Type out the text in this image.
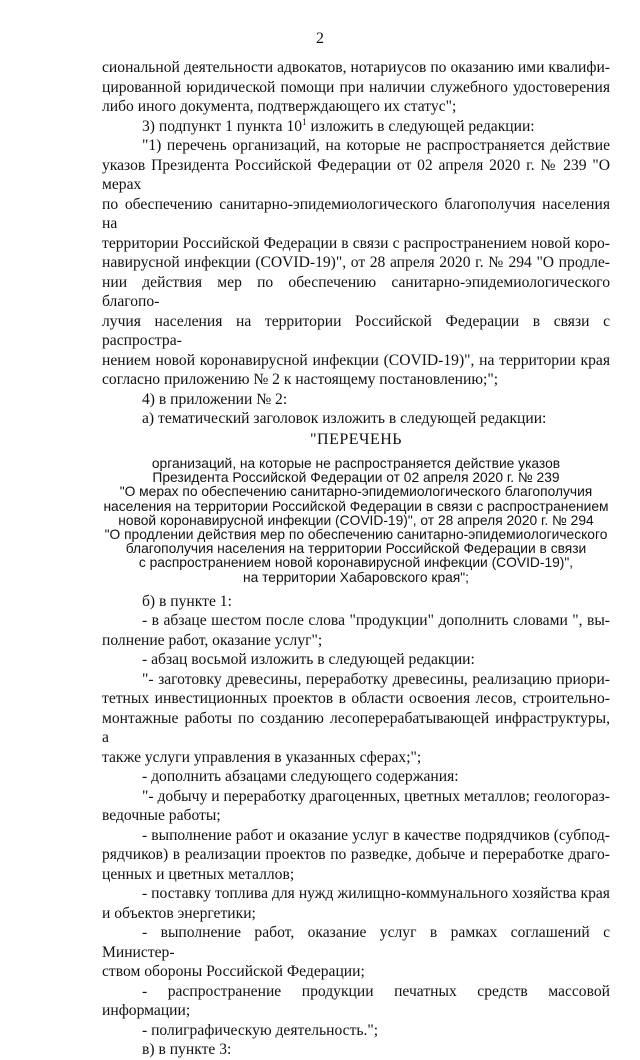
2

сиональной деятельности адвокатов, нотариусов по оказанию ими квалифи-

цированной юридической помощи при наличии служебного удостоверения

либо иного документа, подтверждающего их статус";

3) подпункт 1 пункта $10^1$ изложить в следующей редакции:

"1) перечень организаций, на которые не распространяется действие

указов Президента Российской Федерации от 02 апреля 2020 г. № 239 "О мерах

по обеспечению санитарно-эпидемиологического благополучия населения на

территории Российской Федерации в связи с распространением новой коро-

навирусной инфекции (COVID-19)", от 28 апреля 2020 г. № 294 "О продле-

нии действия мер по обеспечению санитарно-эпидемиологического благопо-

лучия населения на территории Российской Федерации в связи с распростра-

нением новой коронавирусной инфекции (COVID-19)", на территории края

согласно приложению № 2 к настоящему постановлению;";

4) в приложении № 2:

а) тематический заголовок изложить в следующей редакции:

"ПЕРЕЧЕНЬ
организаций, на которые не распространяется действие указов
Президента Российской Федерации от 02 апреля 2020 г. № 239
"О мерах по обеспечению санитарно-эпидемиологического благополучия
населения на территории Российской Федерации в связи с распространением
новой коронавирусной инфекции (COVID-19)", от 28 апреля 2020 г. № 294
"О продлении действия мер по обеспечению санитарно-эпидемиологического
благополучия населения на территории Российской Федерации в связи
с распространением новой коронавирусной инфекции (COVID-19)",
на территории Хабаровского края";

б) в пункте 1:

- в абзаце шестом после слова "продукции" дополнить словами ", вы-

полнение работ, оказание услуг";

- абзац восьмой изложить в следующей редакции:

"- заготовку древесины, переработку древесины, реализацию приори-

тетных инвестиционных проектов в области освоения лесов, строительно-

монтажные работы по созданию лесоперерабатывающей инфраструктуры, а

также услуги управления в указанных сферах;";

- дополнить абзацами следующего содержания:

"- добычу и переработку драгоценных, цветных металлов; геологораз-

ведочные работы;

- выполнение работ и оказание услуг в качестве подрядчиков (субпод-

рядчиков) в реализации проектов по разведке, добыче и переработке драго-

ценных и цветных металлов;

- поставку топлива для нужд жилищно-коммунального хозяйства края

и объектов энергетики;

- выполнение работ, оказание услуг в рамках соглашений с Министер-

ством обороны Российской Федерации;

- распространение продукции печатных средств массовой информации;

- полиграфическую деятельность.";

в) в пункте 3:
